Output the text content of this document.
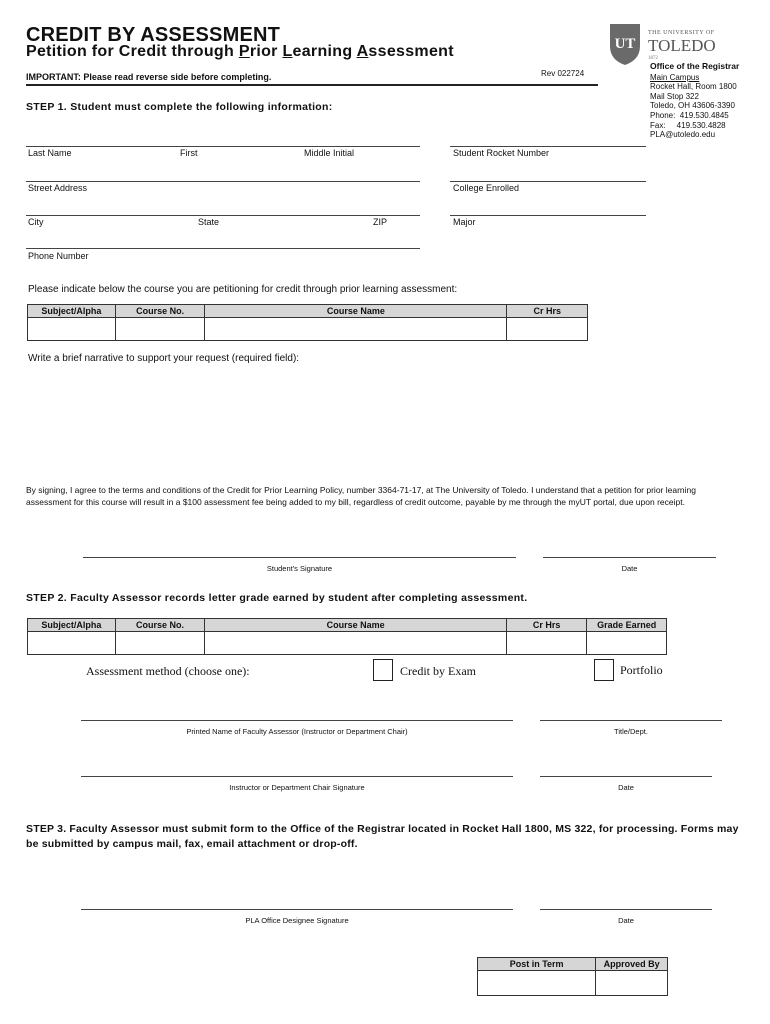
CREDIT BY ASSESSMENT
Petition for Credit through Prior Learning Assessment
IMPORTANT: Please read reverse side before completing.	Rev 022724
UT
THE UNIVERSITY OF
TOLEDO
1872
Office of the Registrar
Main Campus
Rocket Hall, Room 1800
Mail Stop 322
Toledo, OH 43606-3390
Phone:  419.530.4845
Fax:     419.530.4828
PLA@utoledo.edu
STEP 1. Student must complete the following information:
Last Name	First	Middle Initial	Student Rocket Number
Street Address	College Enrolled
City	State	ZIP	Major
Phone Number
Please indicate below the course you are petitioning for credit through prior learning assessment:
Subject/Alpha	Course No.	Course Name	Cr Hrs

Write a brief narrative to support your request (required field):
By signing, I agree to the terms and conditions of the Credit for Prior Learning Policy, number 3364-71-17, at The University of Toledo. I understand that a petition for prior learning assessment for this course will result in a $100 assessment fee being added to my bill, regardless of credit outcome, payable by me through the myUT portal, due upon receipt.
Student's Signature	Date
STEP 2. Faculty Assessor records letter grade earned by student after completing assessment.
Subject/Alpha	Course No.	Course Name	Cr Hrs	Grade Earned

Assessment method (choose one):	Credit by Exam	Portfolio
Printed Name of Faculty Assessor (Instructor or Department Chair)	Title/Dept.
Instructor or Department Chair Signature	Date
STEP 3. Faculty Assessor must submit form to the Office of the Registrar located in Rocket Hall 1800, MS 322, for processing. Forms may be submitted by campus mail, fax, email attachment or drop-off.
PLA Office Designee Signature	Date
Post in Term	Approved By
